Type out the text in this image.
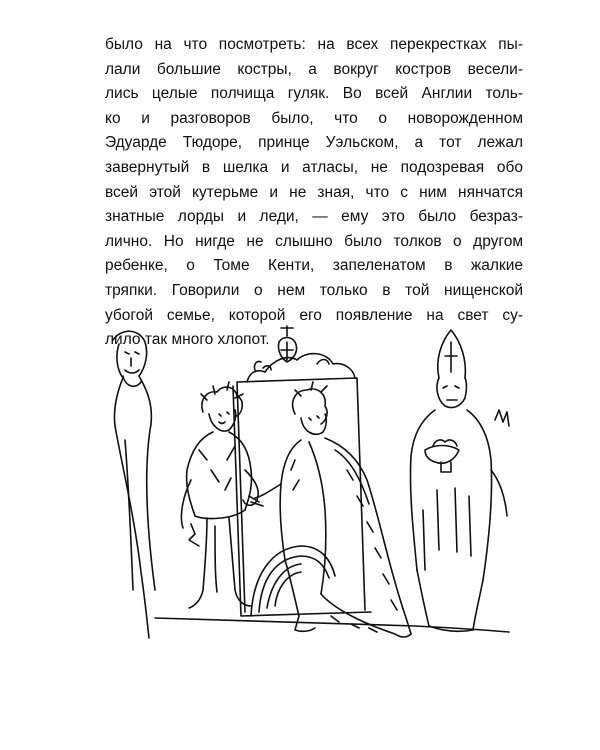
было на что посмотреть: на всех перекрестках пы-
лали большие костры, а вокруг костров весели-
лись целые полчища гуляк. Во всей Англии толь-
ко и разговоров было, что о новорожденном
Эдуарде Тюдоре, принце Уэльском, а тот лежал
завернутый в шелка и атласы, не подозревая обо
всей этой кутерьме и не зная, что с ним нянчатся
знатные лорды и леди, — ему это было безраз-
лично. Но нигде не слышно было толков о другом
ребенке, о Томе Кенти, запеленатом в жалкие
тряпки. Говорили о нем только в той нищенской
убогой семье, которой его появление на свет су-
лило так много хлопот.
